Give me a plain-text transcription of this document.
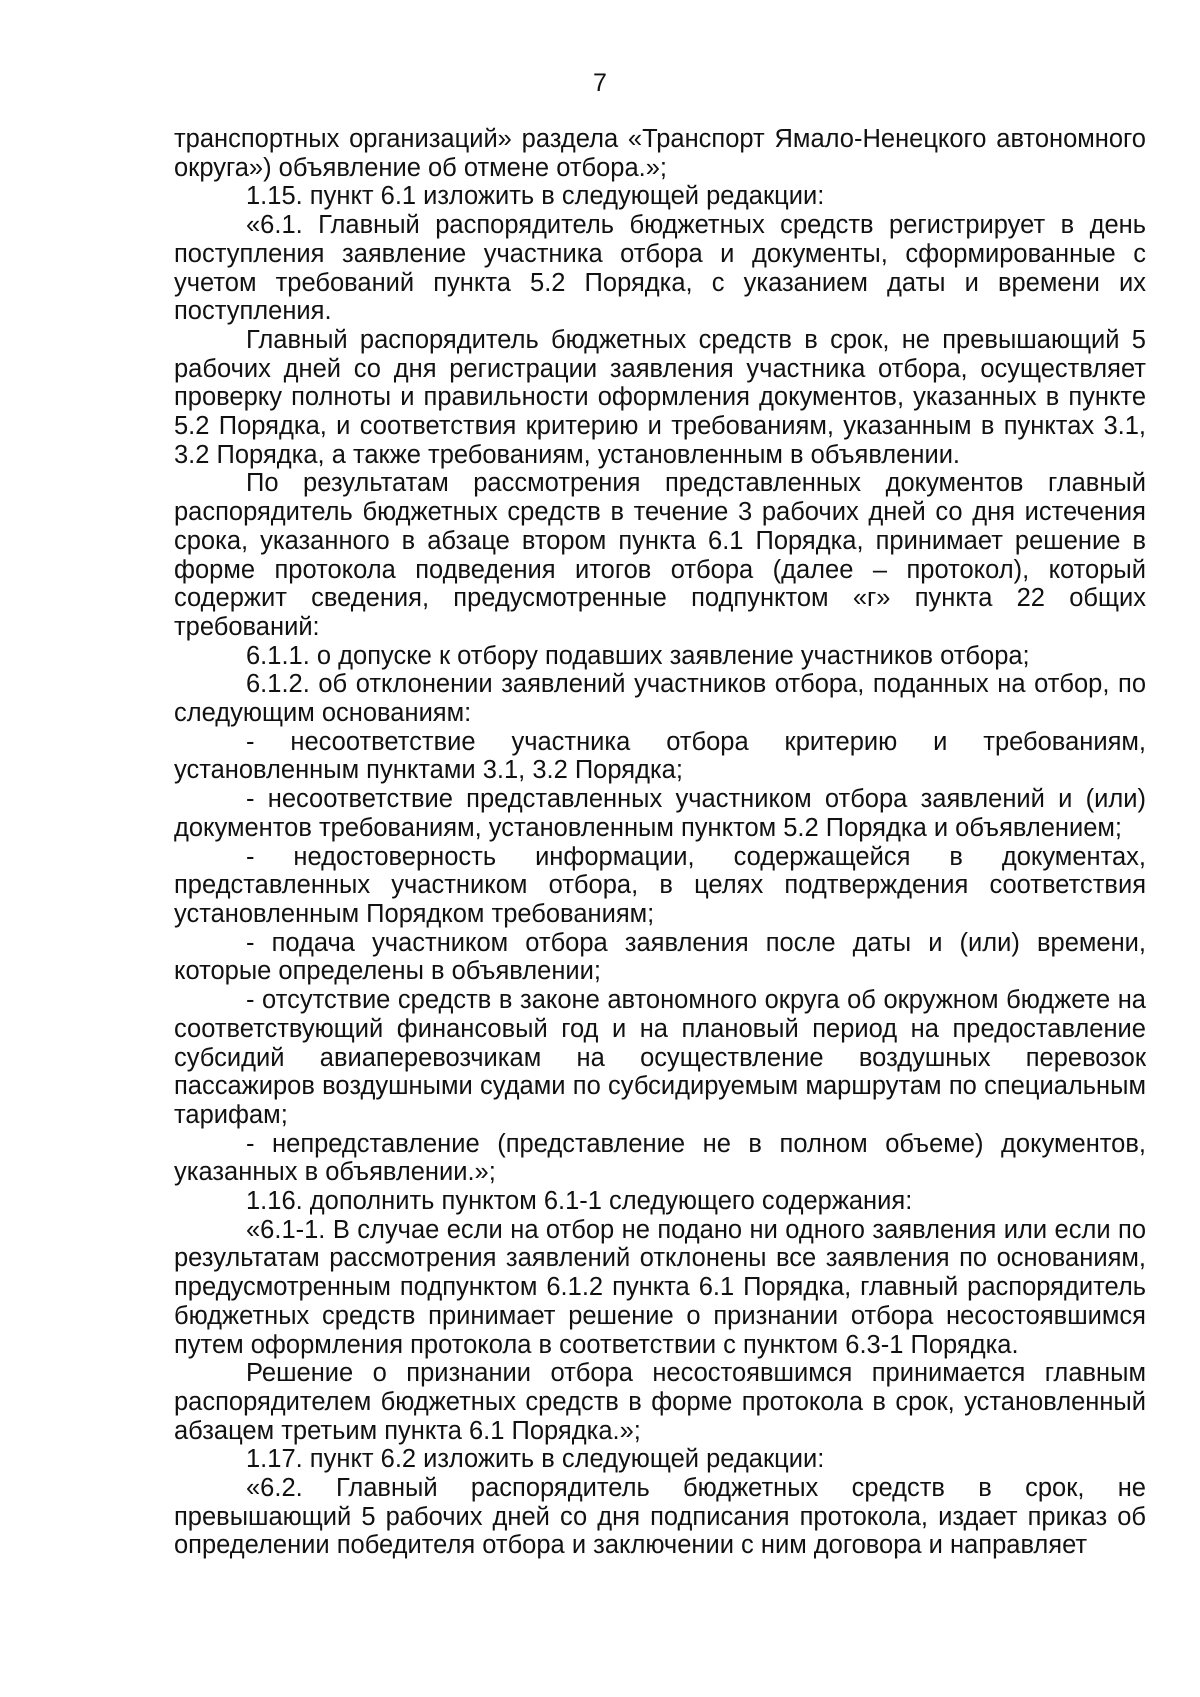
7

транспортных организаций» раздела «Транспорт Ямало-Ненецкого автономного округа») объявление об отмене отбора.»;

1.15. пункт 6.1 изложить в следующей редакции:

«6.1. Главный распорядитель бюджетных средств регистрирует в день поступления заявление участника отбора и документы, сформированные с учетом требований пункта 5.2 Порядка, с указанием даты и времени их поступления.

Главный распорядитель бюджетных средств в срок, не превышающий 5 рабочих дней со дня регистрации заявления участника отбора, осуществляет проверку полноты и правильности оформления документов, указанных в пункте 5.2 Порядка, и соответствия критерию и требованиям, указанным в пунктах 3.1, 3.2 Порядка, а также требованиям, установленным в объявлении.

По результатам рассмотрения представленных документов главный распорядитель бюджетных средств в течение 3 рабочих дней со дня истечения срока, указанного в абзаце втором пункта 6.1 Порядка, принимает решение в форме протокола подведения итогов отбора (далее – протокол), который содержит сведения, предусмотренные подпунктом «г» пункта 22 общих требований:

6.1.1. о допуске к отбору подавших заявление участников отбора;

6.1.2. об отклонении заявлений участников отбора, поданных на отбор, по следующим основаниям:

- несоответствие участника отбора критерию и требованиям, установленным пунктами 3.1, 3.2 Порядка;

- несоответствие представленных участником отбора заявлений и (или) документов требованиям, установленным пунктом 5.2 Порядка и объявлением;

- недостоверность информации, содержащейся в документах, представленных участником отбора, в целях подтверждения соответствия установленным Порядком требованиям;

- подача участником отбора заявления после даты и (или) времени, которые определены в объявлении;

- отсутствие средств в законе автономного округа об окружном бюджете на соответствующий финансовый год и на плановый период на предоставление субсидий авиаперевозчикам на осуществление воздушных перевозок пассажиров воздушными судами по субсидируемым маршрутам по специальным тарифам;

- непредставление (представление не в полном объеме) документов, указанных в объявлении.»;

1.16. дополнить пунктом 6.1-1 следующего содержания:

«6.1-1. В случае если на отбор не подано ни одного заявления или если по результатам рассмотрения заявлений отклонены все заявления по основаниям, предусмотренным подпунктом 6.1.2 пункта 6.1 Порядка, главный распорядитель бюджетных средств принимает решение о признании отбора несостоявшимся путем оформления протокола в соответствии с пунктом 6.3-1 Порядка.

Решение о признании отбора несостоявшимся принимается главным распорядителем бюджетных средств в форме протокола в срок, установленный абзацем третьим пункта 6.1 Порядка.»;

1.17. пункт 6.2 изложить в следующей редакции:

«6.2. Главный распорядитель бюджетных средств в срок, не превышающий 5 рабочих дней со дня подписания протокола, издает приказ об определении победителя отбора и заключении с ним договора и направляет
